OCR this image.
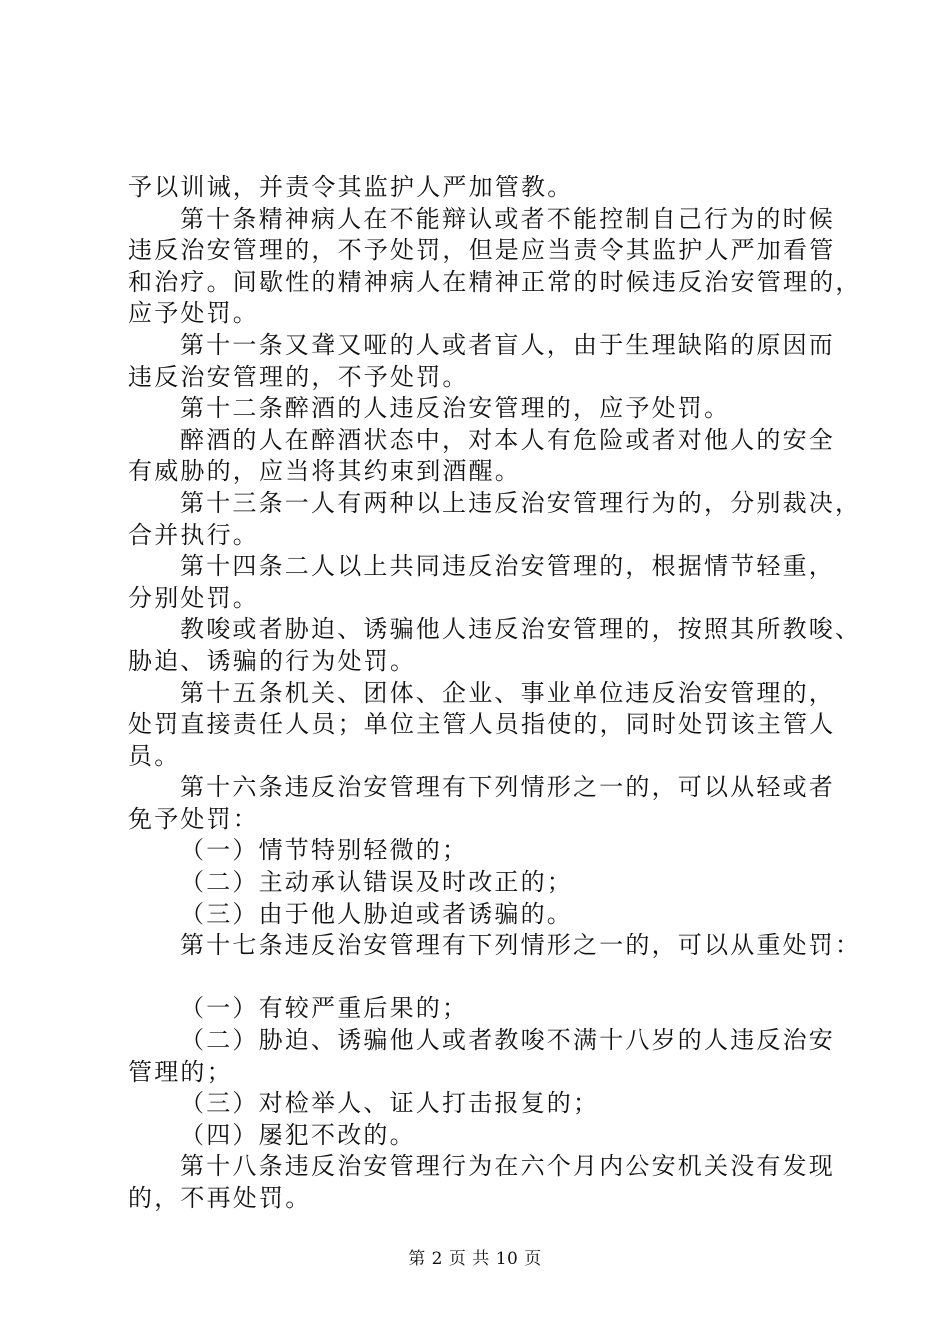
予以训诫，并责令其监护人严加管教。
第十条精神病人在不能辩认或者不能控制自己行为的时候
违反治安管理的，不予处罚，但是应当责令其监护人严加看管
和治疗。间歇性的精神病人在精神正常的时候违反治安管理的，
应予处罚。
第十一条又聋又哑的人或者盲人，由于生理缺陷的原因而
违反治安管理的，不予处罚。
第十二条醉酒的人违反治安管理的，应予处罚。
醉酒的人在醉酒状态中，对本人有危险或者对他人的安全
有威胁的，应当将其约束到酒醒。
第十三条一人有两种以上违反治安管理行为的，分别裁决，
合并执行。
第十四条二人以上共同违反治安管理的，根据情节轻重，
分别处罚。
教唆或者胁迫、诱骗他人违反治安管理的，按照其所教唆、
胁迫、诱骗的行为处罚。
第十五条机关、团体、企业、事业单位违反治安管理的，
处罚直接责任人员；单位主管人员指使的，同时处罚该主管人
员。
第十六条违反治安管理有下列情形之一的，可以从轻或者
免予处罚：
（一）情节特别轻微的；
（二）主动承认错误及时改正的；
（三）由于他人胁迫或者诱骗的。
第十七条违反治安管理有下列情形之一的，可以从重处罚：
（一）有较严重后果的；
（二）胁迫、诱骗他人或者教唆不满十八岁的人违反治安
管理的；
（三）对检举人、证人打击报复的；
（四）屡犯不改的。
第十八条违反治安管理行为在六个月内公安机关没有发现
的，不再处罚。
第 2 页 共 10 页
